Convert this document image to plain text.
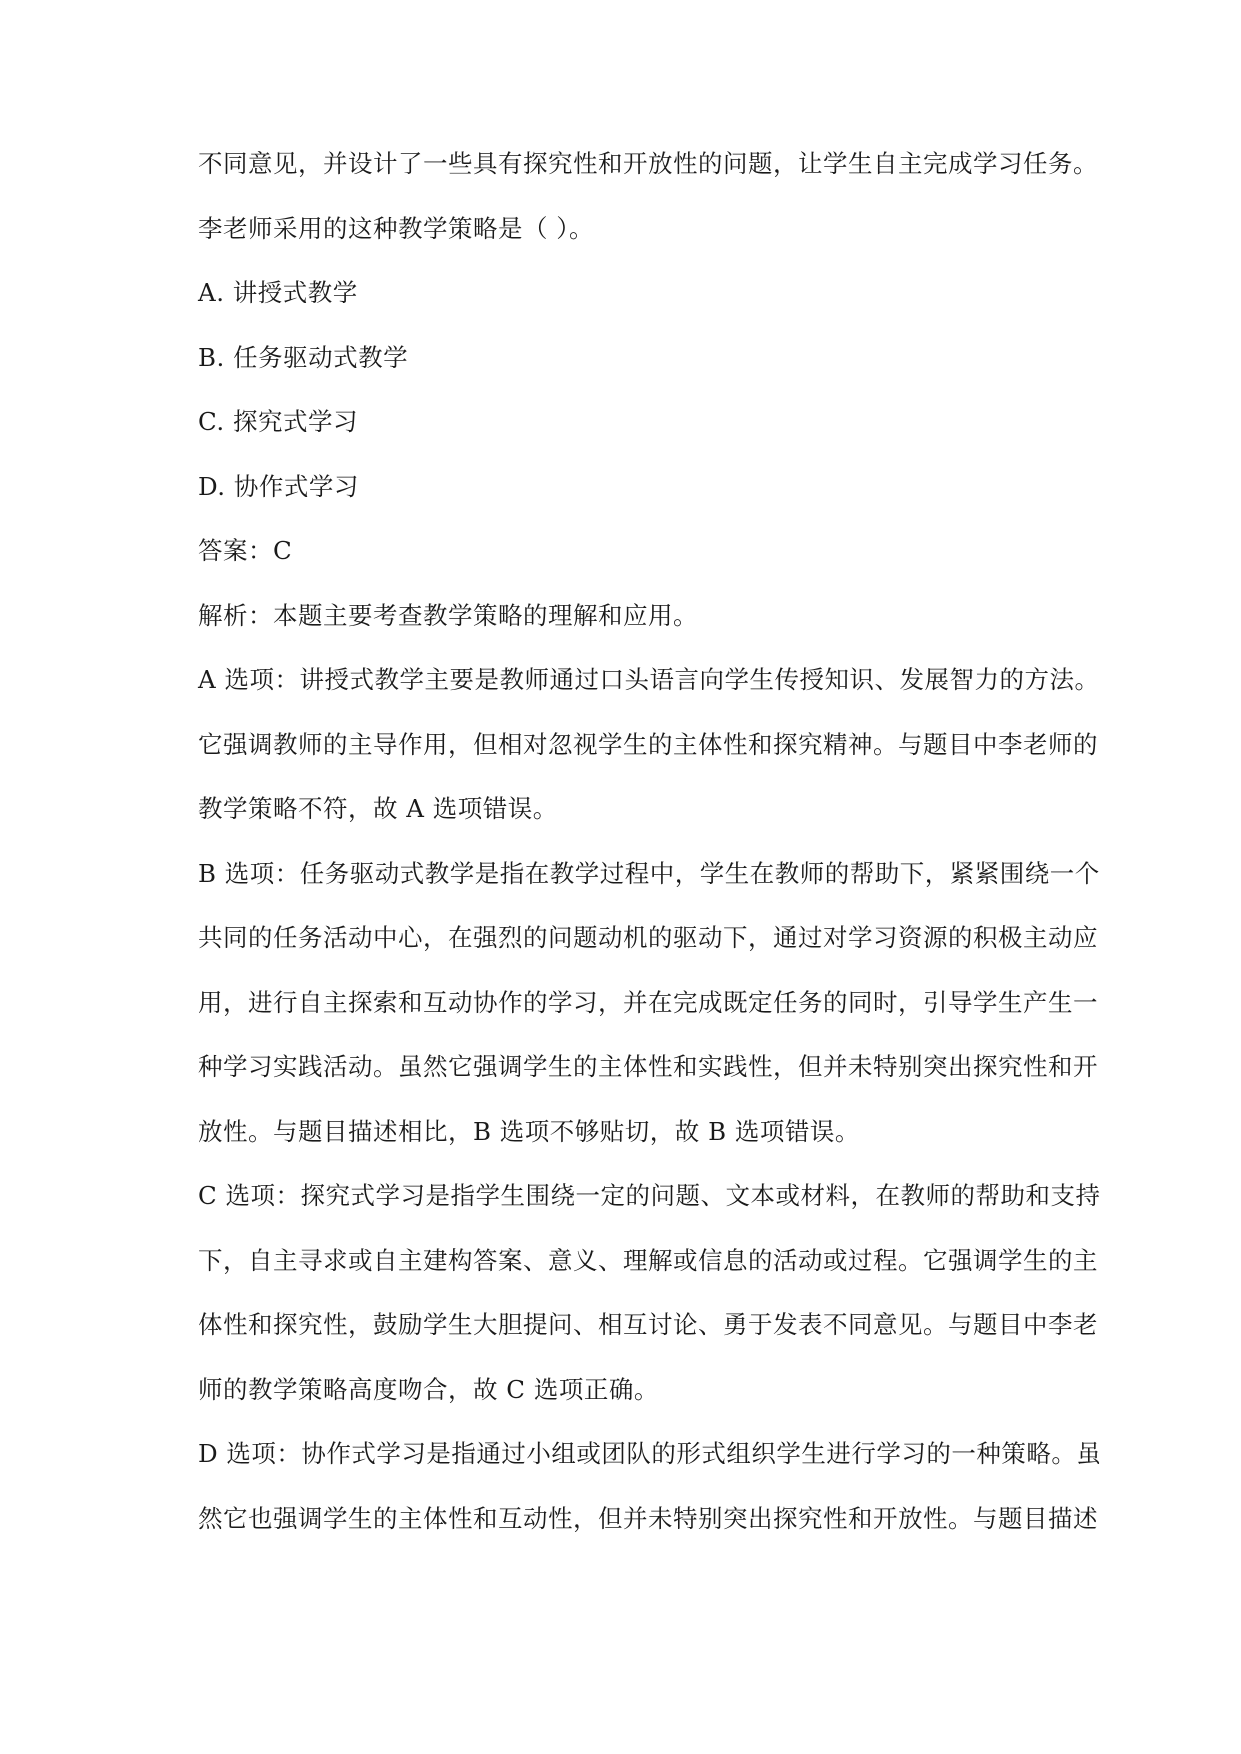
不同意见，并设计了一些具有探究性和开放性的问题，让学生自主完成学习任务。
李老师采用的这种教学策略是（ ）。
A. 讲授式教学
B. 任务驱动式教学
C. 探究式学习
D. 协作式学习
答案：C
解析：本题主要考查教学策略的理解和应用。
A 选项：讲授式教学主要是教师通过口头语言向学生传授知识、发展智力的方法。
它强调教师的主导作用，但相对忽视学生的主体性和探究精神。与题目中李老师的
教学策略不符，故 A 选项错误。
B 选项：任务驱动式教学是指在教学过程中，学生在教师的帮助下，紧紧围绕一个
共同的任务活动中心，在强烈的问题动机的驱动下，通过对学习资源的积极主动应
用，进行自主探索和互动协作的学习，并在完成既定任务的同时，引导学生产生一
种学习实践活动。虽然它强调学生的主体性和实践性，但并未特别突出探究性和开
放性。与题目描述相比，B 选项不够贴切，故 B 选项错误。
C 选项：探究式学习是指学生围绕一定的问题、文本或材料，在教师的帮助和支持
下，自主寻求或自主建构答案、意义、理解或信息的活动或过程。它强调学生的主
体性和探究性，鼓励学生大胆提问、相互讨论、勇于发表不同意见。与题目中李老
师的教学策略高度吻合，故 C 选项正确。
D 选项：协作式学习是指通过小组或团队的形式组织学生进行学习的一种策略。虽
然它也强调学生的主体性和互动性，但并未特别突出探究性和开放性。与题目描述
